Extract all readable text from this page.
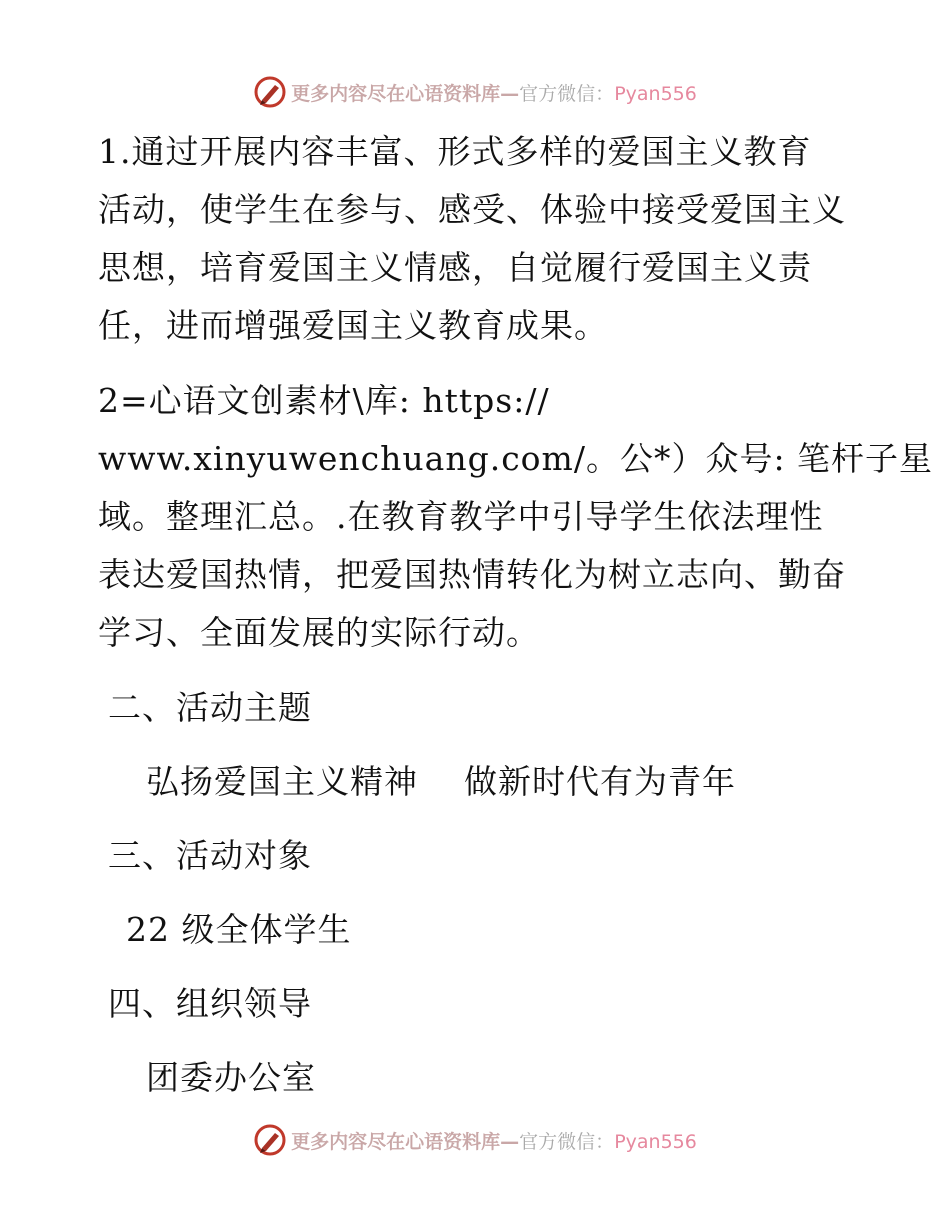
更多内容尽在心语资料库—官方微信：Pyan556
1.通过开展内容丰富、形式多样的爱国主义教育
活动，使学生在参与、感受、体验中接受爱国主义
思想，培育爱国主义情感，自觉履行爱国主义责
任，进而增强爱国主义教育成果。
2=心语文创素材\库: https://
www.xinyuwenchuang.com/。公*）众号: 笔杆子星
域。整理汇总。.在教育教学中引导学生依法理性
表达爱国热情，把爱国热情转化为树立志向、勤奋
学习、全面发展的实际行动。
二、活动主题
弘扬爱国主义精神    做新时代有为青年
三、活动对象
22 级全体学生
四、组织领导
团委办公室
更多内容尽在心语资料库—官方微信：Pyan556
